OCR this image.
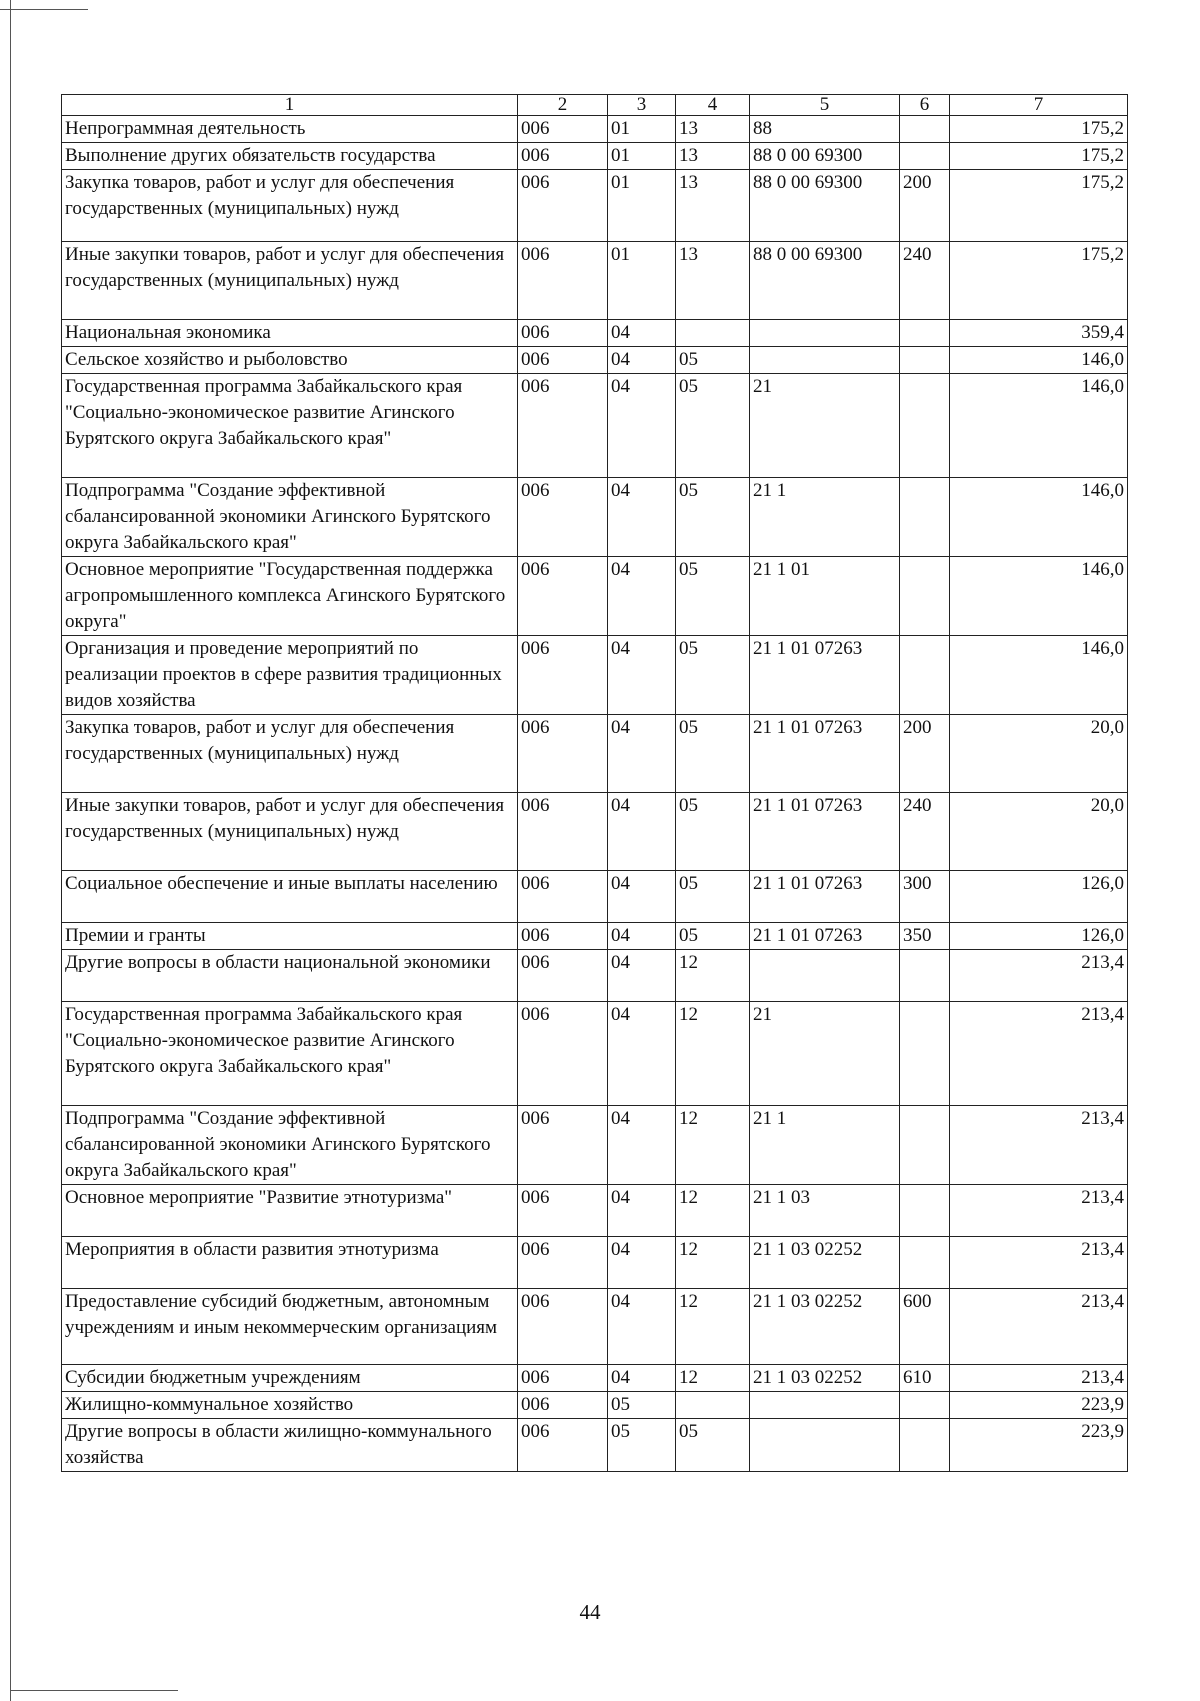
1	2	3	4	5	6	7
Непрограммная деятельность	006	01	13	88		175,2
Выполнение других обязательств государства	006	01	13	88 0 00 69300		175,2
Закупка товаров, работ и услуг для обеспечения государственных (муниципальных) нужд	006	01	13	88 0 00 69300	200	175,2
Иные закупки товаров, работ и услуг для обеспечения государственных (муниципальных) нужд	006	01	13	88 0 00 69300	240	175,2
Национальная экономика	006	04				359,4
Сельское хозяйство и рыболовство	006	04	05			146,0
Государственная программа Забайкальского края "Социально-экономическое развитие Агинского Бурятского округа Забайкальского края"	006	04	05	21		146,0
Подпрограмма "Создание эффективной сбалансированной экономики Агинского Бурятского округа Забайкальского края"	006	04	05	21 1		146,0
Основное мероприятие "Государственная поддержка агропромышленного комплекса Агинского Бурятского округа"	006	04	05	21 1 01		146,0
Организация и проведение мероприятий по реализации проектов в сфере развития традиционных видов хозяйства	006	04	05	21 1 01 07263		146,0
Закупка товаров, работ и услуг для обеспечения государственных (муниципальных) нужд	006	04	05	21 1 01 07263	200	20,0
Иные закупки товаров, работ и услуг для обеспечения государственных (муниципальных) нужд	006	04	05	21 1 01 07263	240	20,0
Социальное обеспечение и иные выплаты населению	006	04	05	21 1 01 07263	300	126,0
Премии и гранты	006	04	05	21 1 01 07263	350	126,0
Другие вопросы в области национальной экономики	006	04	12			213,4
Государственная программа Забайкальского края "Социально-экономическое развитие Агинского Бурятского округа Забайкальского края"	006	04	12	21		213,4
Подпрограмма "Создание эффективной сбалансированной экономики Агинского Бурятского округа Забайкальского края"	006	04	12	21 1		213,4
Основное мероприятие "Развитие этнотуризма"	006	04	12	21 1 03		213,4
Мероприятия в области развития этнотуризма	006	04	12	21 1 03 02252		213,4
Предоставление субсидий бюджетным, автономным учреждениям и иным некоммерческим организациям	006	04	12	21 1 03 02252	600	213,4
Субсидии бюджетным учреждениям	006	04	12	21 1 03 02252	610	213,4
Жилищно-коммунальное хозяйство	006	05				223,9
Другие вопросы в области жилищно-коммунального хозяйства	006	05	05			223,9
44
